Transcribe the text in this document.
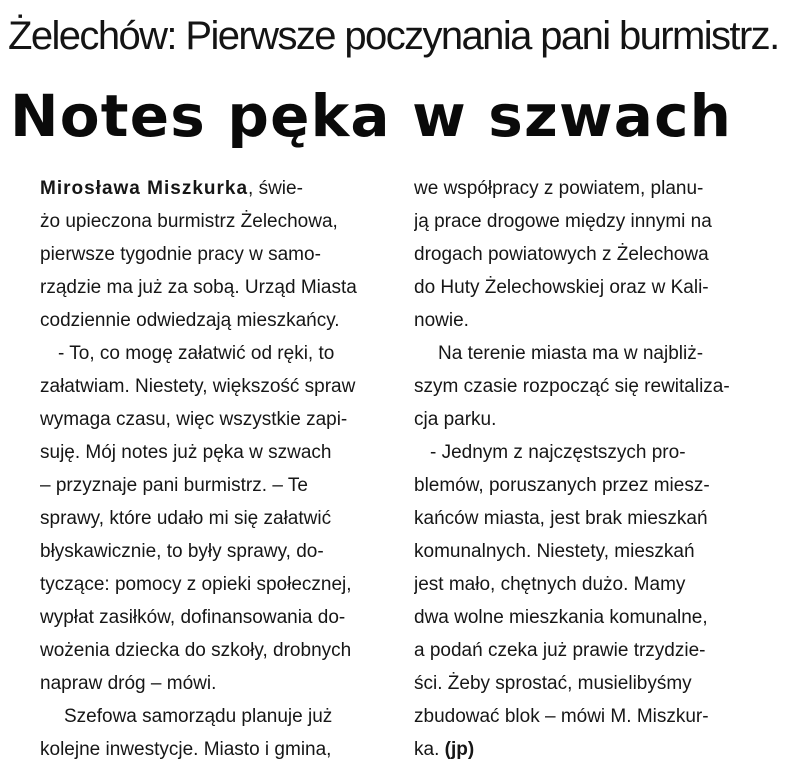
Żelechów: Pierwsze poczynania pani burmistrz.
Notes pęka w szwach
Mirosława Miszkurka, świe-
żo upieczona burmistrz Żelechowa,
pierwsze tygodnie pracy w samo-
rządzie ma już za sobą. Urząd Miasta
codziennie odwiedzają mieszkańcy.
- To, co mogę załatwić od ręki, to
załatwiam. Niestety, większość spraw
wymaga czasu, więc wszystkie zapi-
suję. Mój notes już pęka w szwach
– przyznaje pani burmistrz. – Te
sprawy, które udało mi się załatwić
błyskawicznie, to były sprawy, do-
tyczące: pomocy z opieki społecznej,
wypłat zasiłków, dofinansowania do-
wożenia dziecka do szkoły, drobnych
napraw dróg – mówi.
Szefowa samorządu planuje już
kolejne inwestycje. Miasto i gmina,
we współpracy z powiatem, planu-
ją prace drogowe między innymi na
drogach powiatowych z Żelechowa
do Huty Żelechowskiej oraz w Kali-
nowie.
Na terenie miasta ma w najbliż-
szym czasie rozpocząć się rewitaliza-
cja parku.
- Jednym z najczęstszych pro-
blemów, poruszanych przez miesz-
kańców miasta, jest brak mieszkań
komunalnych. Niestety, mieszkań
jest mało, chętnych dużo. Mamy
dwa wolne mieszkania komunalne,
a podań czeka już prawie trzydzie-
ści. Żeby sprostać, musielibyśmy
zbudować blok – mówi M. Miszkur-
ka. (jp)
